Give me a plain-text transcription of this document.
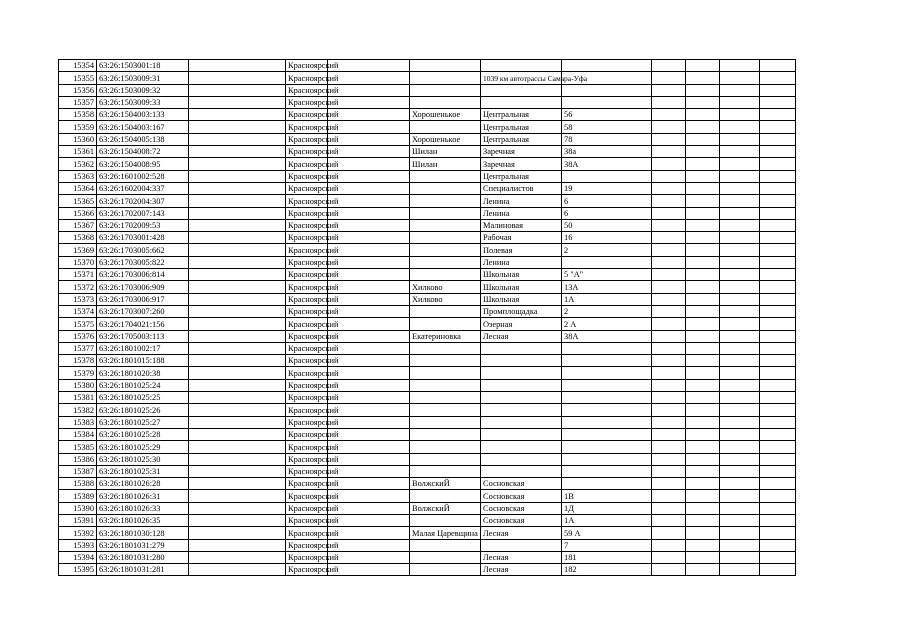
15354	63:26:1503001:18		Красноярский								
15355	63:26:1503009:31		Красноярский			1039 км автотрассы Самара-Уфа					
15356	63:26:1503009:32		Красноярский								
15357	63:26:1503009:33		Красноярский								
15358	63:26:1504003:133		Красноярский		Хорошенькое	Центральная	56				
15359	63:26:1504003:167		Красноярский			Центральная	58				
15360	63:26:1504005:138		Красноярский		Хорошенькое	Центральная	78				
15361	63:26:1504008:72		Красноярский		Шилан	Заречная	38а				
15362	63:26:1504008:95		Красноярский		Шилан	Заречная	38А				
15363	63:26:1601002:528		Красноярский			Центральная					
15364	63:26:1602004:337		Красноярский			Специалистов	19				
15365	63:26:1702004:307		Красноярский			Ленина	6				
15366	63:26:1702007:143		Красноярский			Ленина	6				
15367	63:26:1702009:53		Красноярский			Малиновая	50				
15368	63:26:1703001:428		Красноярский			Рабочая	16				
15369	63:26:1703005:662		Красноярский			Полевая	2				
15370	63:26:1703005:822		Красноярский			Ленина					
15371	63:26:1703006:814		Красноярский			Школьная	5 "А"				
15372	63:26:1703006:909		Красноярский		Хилково	Школьная	13А				
15373	63:26:1703006:917		Красноярский		Хилково	Школьная	1А				
15374	63:26:1703007:260		Красноярский			Промплощадка	2				
15375	63:26:1704021:156		Красноярский			Озерная	2 А				
15376	63:26:1705003:113		Красноярский		Екатериновка	Лесная	38А				
15377	63:26:1801002:17		Красноярский								
15378	63:26:1801015:188		Красноярский								
15379	63:26:1801020:38		Красноярский								
15380	63:26:1801025:24		Красноярский								
15381	63:26:1801025:25		Красноярский								
15382	63:26:1801025:26		Красноярский								
15383	63:26:1801025:27		Красноярский								
15384	63:26:1801025:28		Красноярский								
15385	63:26:1801025:29		Красноярский								
15386	63:26:1801025:30		Красноярский								
15387	63:26:1801025:31		Красноярский								
15388	63:26:1801026:28		Красноярский		ВолжскиЙ	Сосновская					
15389	63:26:1801026:31		Красноярский			Сосновская	1В				
15390	63:26:1801026:33		Красноярский		ВолжскиЙ	Сосновская	1Д				
15391	63:26:1801026:35		Красноярский			Сосновская	1А				
15392	63:26:1801030:128		Красноярский		Малая Царевщина	Лесная	59 А				
15393	63:26:1801031:279		Красноярский				7				
15394	63:26:1801031:280		Красноярский			Лесная	181				
15395	63:26:1801031:281		Красноярский			Лесная	182				
